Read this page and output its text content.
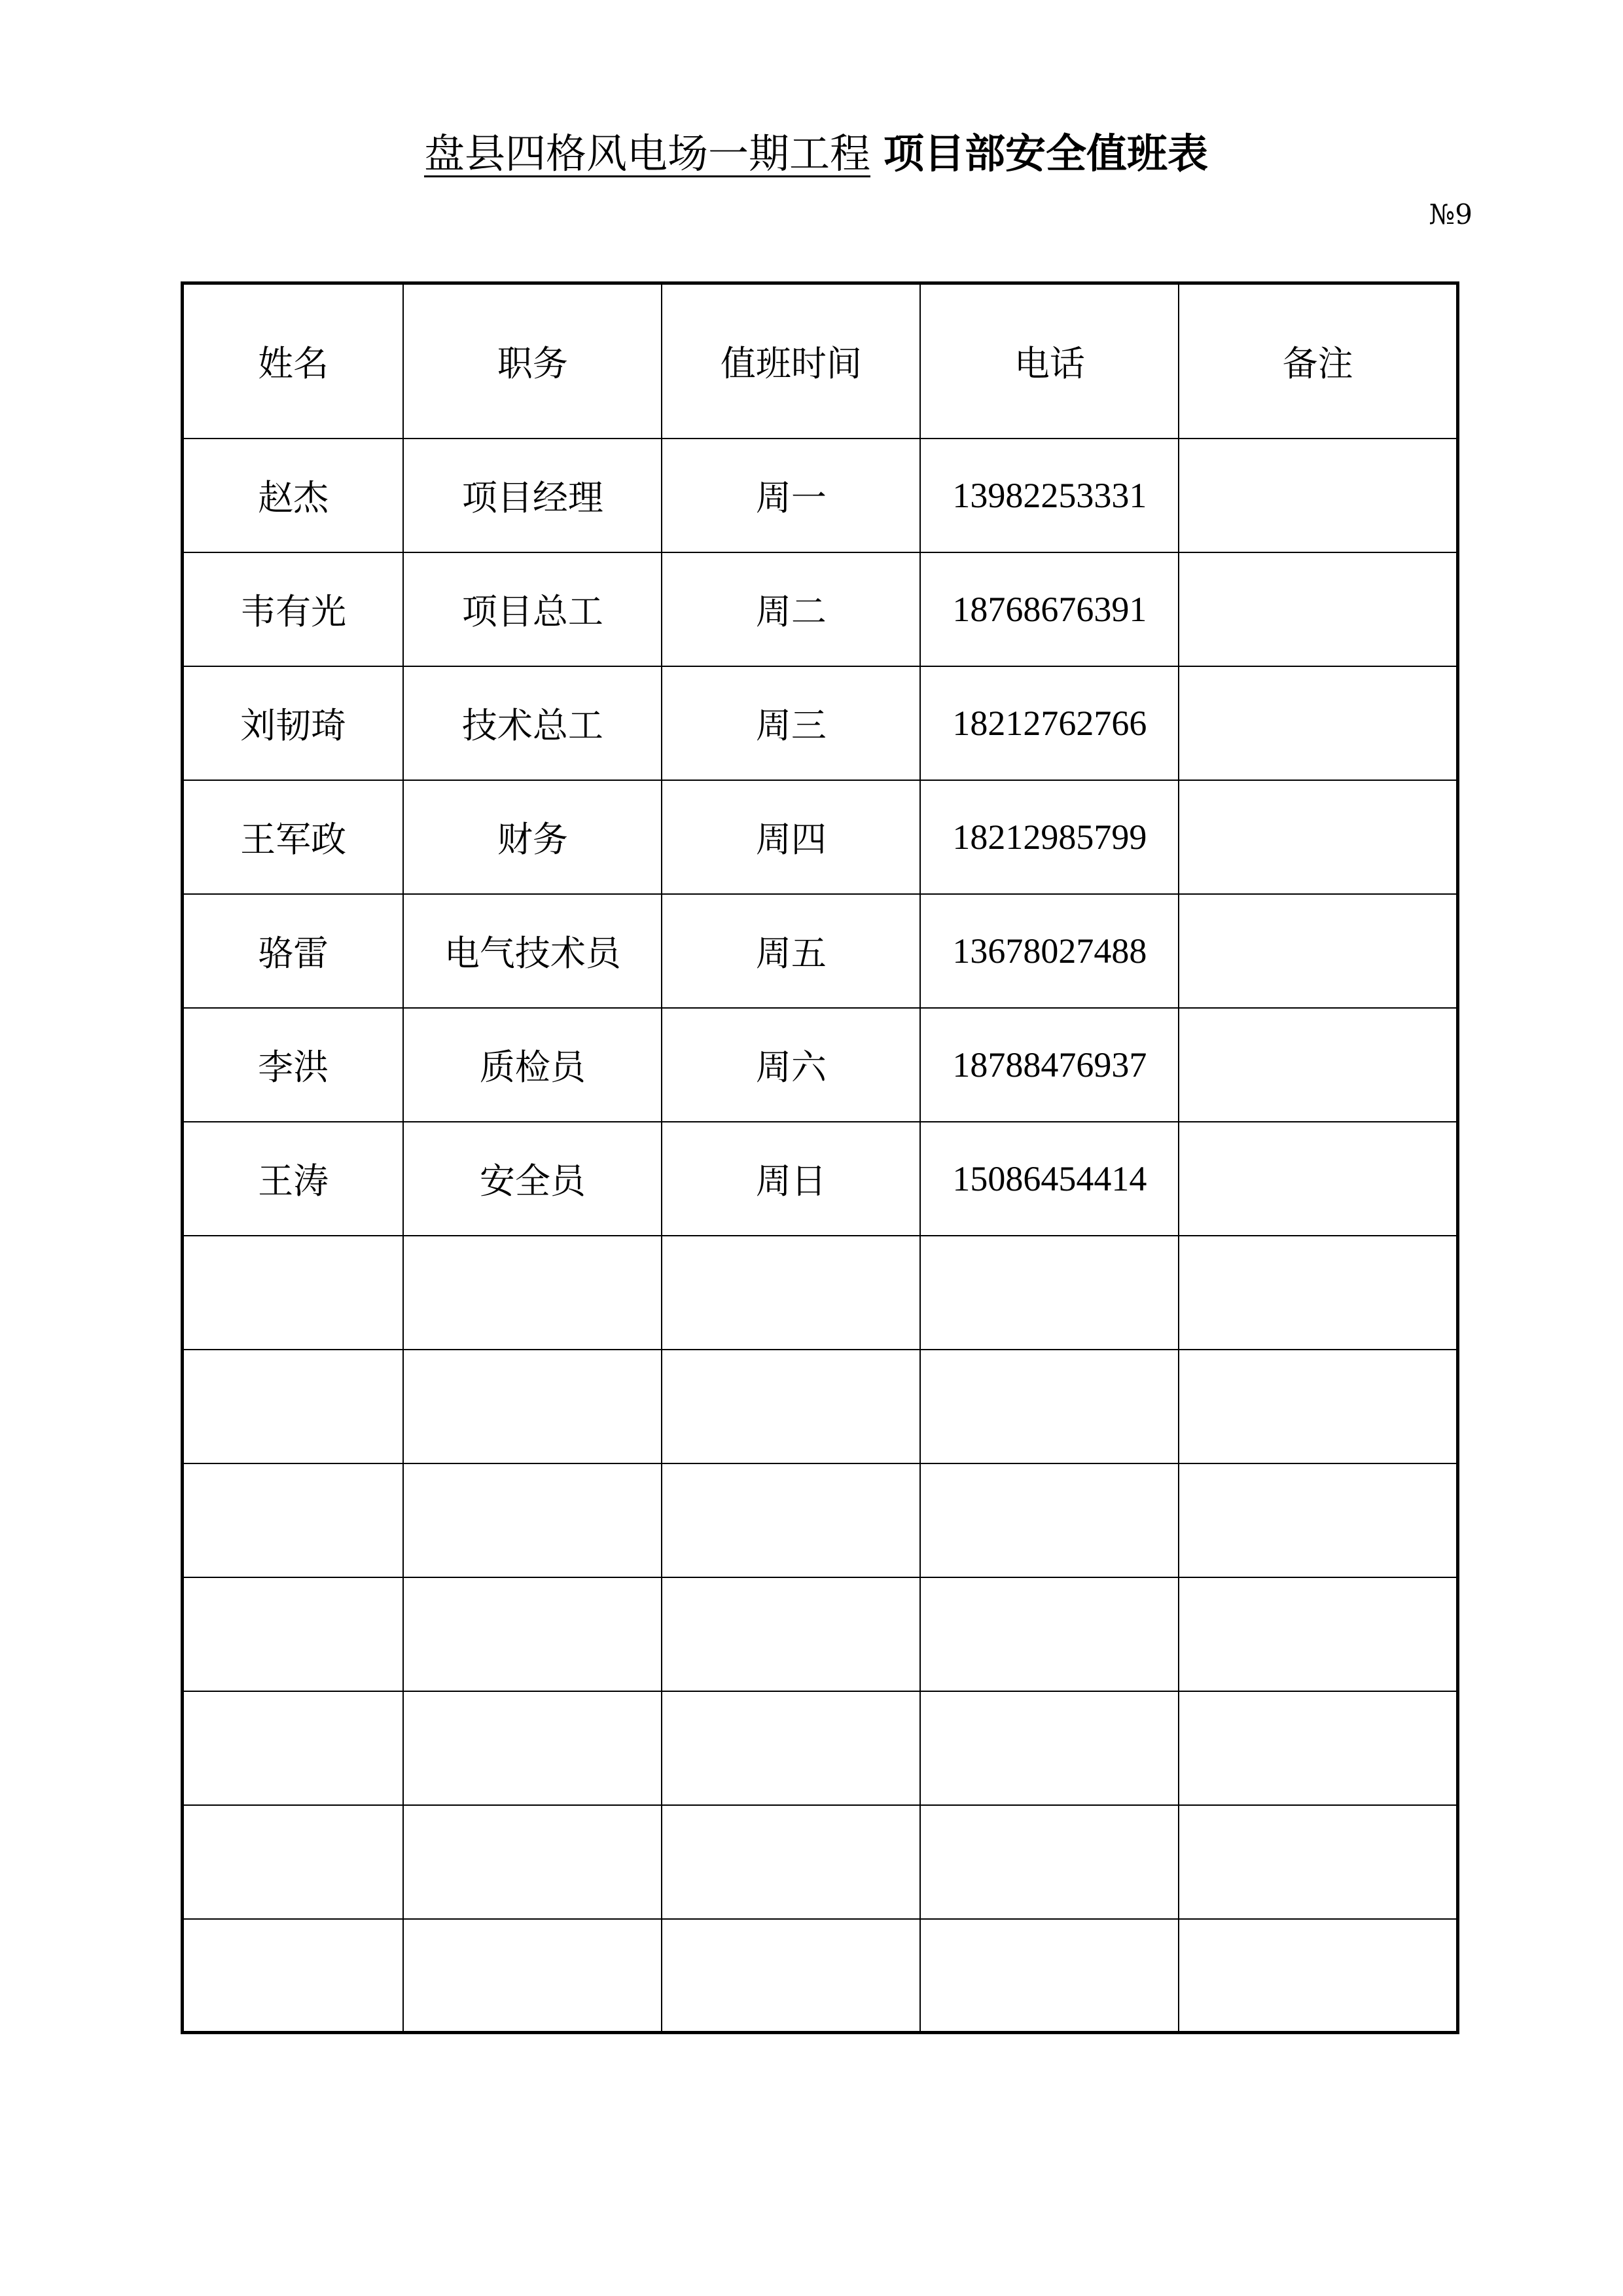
盘县四格风电场一期工程 项目部安全值班表
№9
姓名	职务	值班时间	电话	备注
赵杰	项目经理	周一	13982253331	
韦有光	项目总工	周二	18768676391	
刘韧琦	技术总工	周三	18212762766	
王军政	财务	周四	18212985799	
骆雷	电气技术员	周五	13678027488	
李洪	质检员	周六	18788476937	
王涛	安全员	周日	15086454414	
